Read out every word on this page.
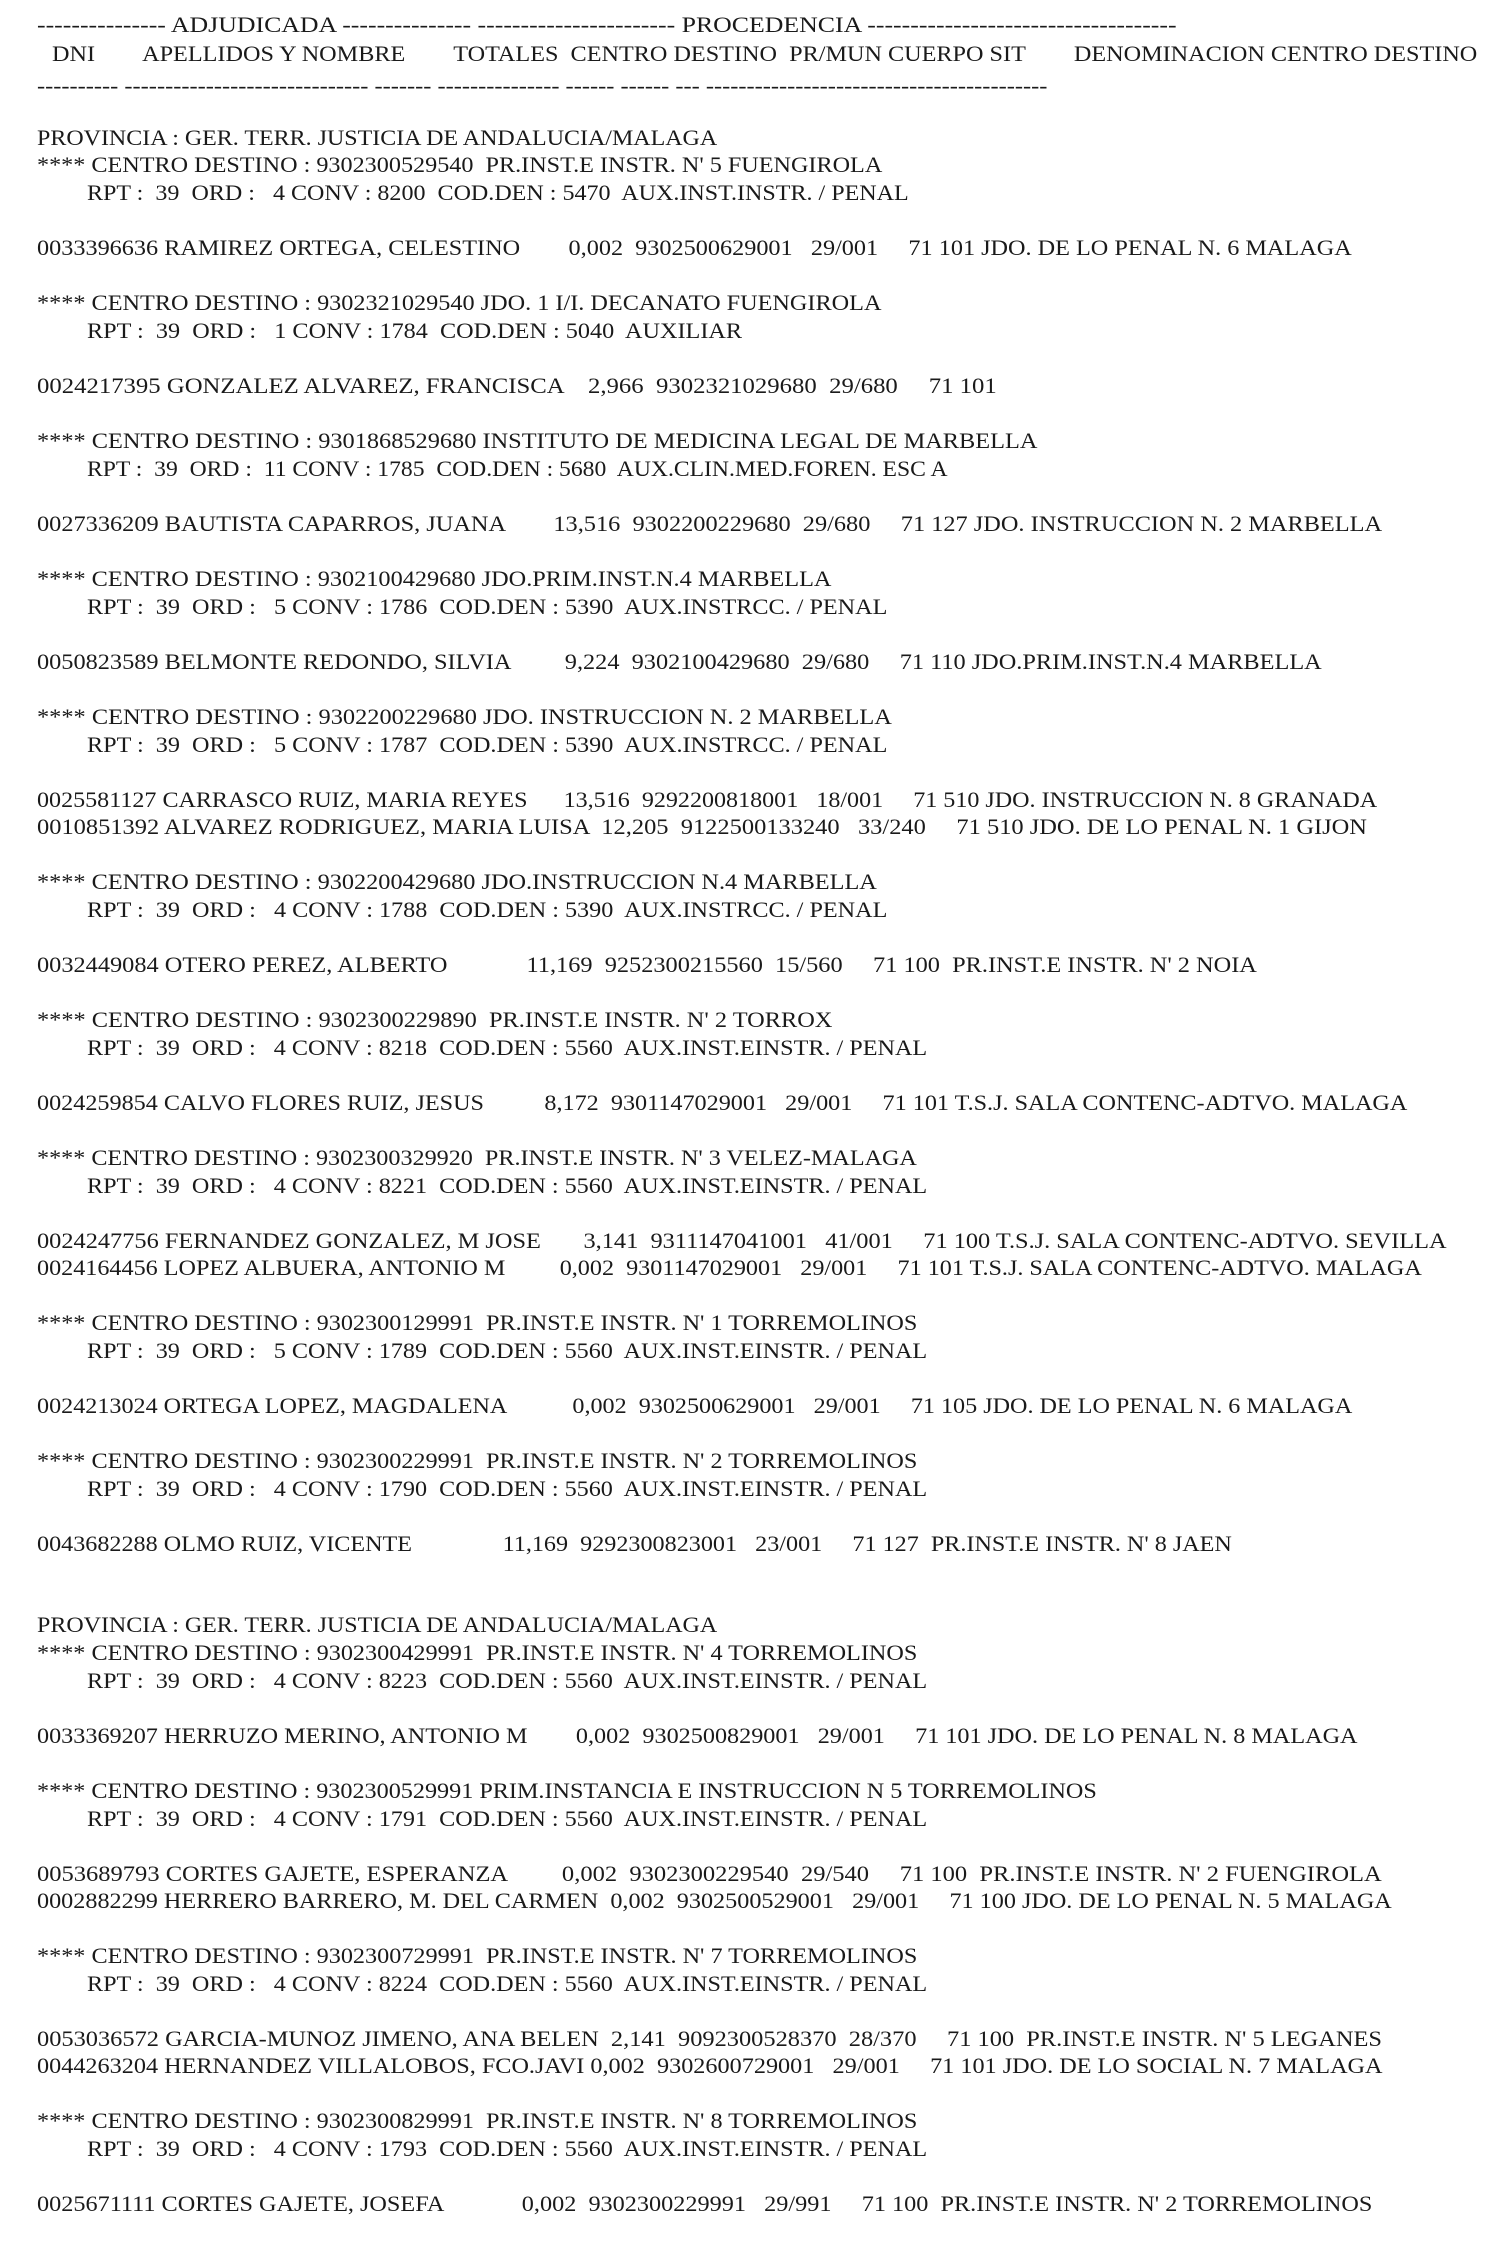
--------------- ADJUDICADA --------------- ----------------------- PROCEDENCIA ------------------------------------
DNI        APELLIDOS Y NOMBRE        TOTALES  CENTRO DESTINO  PR/MUN CUERPO SIT        DENOMINACION CENTRO DESTINO
---------- ------------------------------ ------- --------------- ------ ------ --- ------------------------------------------
PROVINCIA : GER. TERR. JUSTICIA DE ANDALUCIA/MALAGA
**** CENTRO DESTINO : 9302300529540  PR.INST.E INSTR. N' 5 FUENGIROLA
RPT :  39  ORD :   4 CONV : 8200  COD.DEN : 5470  AUX.INST.INSTR. / PENAL
0033396636 RAMIREZ ORTEGA, CELESTINO        0,002  9302500629001   29/001     71 101 JDO. DE LO PENAL N. 6 MALAGA
**** CENTRO DESTINO : 9302321029540 JDO. 1 I/I. DECANATO FUENGIROLA
RPT :  39  ORD :   1 CONV : 1784  COD.DEN : 5040  AUXILIAR
0024217395 GONZALEZ ALVAREZ, FRANCISCA    2,966  9302321029680  29/680     71 101
**** CENTRO DESTINO : 9301868529680 INSTITUTO DE MEDICINA LEGAL DE MARBELLA
RPT :  39  ORD :  11 CONV : 1785  COD.DEN : 5680  AUX.CLIN.MED.FOREN. ESC A
0027336209 BAUTISTA CAPARROS, JUANA        13,516  9302200229680  29/680     71 127 JDO. INSTRUCCION N. 2 MARBELLA
**** CENTRO DESTINO : 9302100429680 JDO.PRIM.INST.N.4 MARBELLA
RPT :  39  ORD :   5 CONV : 1786  COD.DEN : 5390  AUX.INSTRCC. / PENAL
0050823589 BELMONTE REDONDO, SILVIA         9,224  9302100429680  29/680     71 110 JDO.PRIM.INST.N.4 MARBELLA
**** CENTRO DESTINO : 9302200229680 JDO. INSTRUCCION N. 2 MARBELLA
RPT :  39  ORD :   5 CONV : 1787  COD.DEN : 5390  AUX.INSTRCC. / PENAL
0025581127 CARRASCO RUIZ, MARIA REYES      13,516  9292200818001   18/001     71 510 JDO. INSTRUCCION N. 8 GRANADA
0010851392 ALVAREZ RODRIGUEZ, MARIA LUISA  12,205  9122500133240   33/240     71 510 JDO. DE LO PENAL N. 1 GIJON
**** CENTRO DESTINO : 9302200429680 JDO.INSTRUCCION N.4 MARBELLA
RPT :  39  ORD :   4 CONV : 1788  COD.DEN : 5390  AUX.INSTRCC. / PENAL
0032449084 OTERO PEREZ, ALBERTO             11,169  9252300215560  15/560     71 100  PR.INST.E INSTR. N' 2 NOIA
**** CENTRO DESTINO : 9302300229890  PR.INST.E INSTR. N' 2 TORROX
RPT :  39  ORD :   4 CONV : 8218  COD.DEN : 5560  AUX.INST.EINSTR. / PENAL
0024259854 CALVO FLORES RUIZ, JESUS          8,172  9301147029001   29/001     71 101 T.S.J. SALA CONTENC-ADTVO. MALAGA
**** CENTRO DESTINO : 9302300329920  PR.INST.E INSTR. N' 3 VELEZ-MALAGA
RPT :  39  ORD :   4 CONV : 8221  COD.DEN : 5560  AUX.INST.EINSTR. / PENAL
0024247756 FERNANDEZ GONZALEZ, M JOSE       3,141  9311147041001   41/001     71 100 T.S.J. SALA CONTENC-ADTVO. SEVILLA
0024164456 LOPEZ ALBUERA, ANTONIO M         0,002  9301147029001   29/001     71 101 T.S.J. SALA CONTENC-ADTVO. MALAGA
**** CENTRO DESTINO : 9302300129991  PR.INST.E INSTR. N' 1 TORREMOLINOS
RPT :  39  ORD :   5 CONV : 1789  COD.DEN : 5560  AUX.INST.EINSTR. / PENAL
0024213024 ORTEGA LOPEZ, MAGDALENA           0,002  9302500629001   29/001     71 105 JDO. DE LO PENAL N. 6 MALAGA
**** CENTRO DESTINO : 9302300229991  PR.INST.E INSTR. N' 2 TORREMOLINOS
RPT :  39  ORD :   4 CONV : 1790  COD.DEN : 5560  AUX.INST.EINSTR. / PENAL
0043682288 OLMO RUIZ, VICENTE               11,169  9292300823001   23/001     71 127  PR.INST.E INSTR. N' 8 JAEN
PROVINCIA : GER. TERR. JUSTICIA DE ANDALUCIA/MALAGA
**** CENTRO DESTINO : 9302300429991  PR.INST.E INSTR. N' 4 TORREMOLINOS
RPT :  39  ORD :   4 CONV : 8223  COD.DEN : 5560  AUX.INST.EINSTR. / PENAL
0033369207 HERRUZO MERINO, ANTONIO M        0,002  9302500829001   29/001     71 101 JDO. DE LO PENAL N. 8 MALAGA
**** CENTRO DESTINO : 9302300529991 PRIM.INSTANCIA E INSTRUCCION N 5 TORREMOLINOS
RPT :  39  ORD :   4 CONV : 1791  COD.DEN : 5560  AUX.INST.EINSTR. / PENAL
0053689793 CORTES GAJETE, ESPERANZA         0,002  9302300229540  29/540     71 100  PR.INST.E INSTR. N' 2 FUENGIROLA
0002882299 HERRERO BARRERO, M. DEL CARMEN  0,002  9302500529001   29/001     71 100 JDO. DE LO PENAL N. 5 MALAGA
**** CENTRO DESTINO : 9302300729991  PR.INST.E INSTR. N' 7 TORREMOLINOS
RPT :  39  ORD :   4 CONV : 8224  COD.DEN : 5560  AUX.INST.EINSTR. / PENAL
0053036572 GARCIA-MUNOZ JIMENO, ANA BELEN  2,141  9092300528370  28/370     71 100  PR.INST.E INSTR. N' 5 LEGANES
0044263204 HERNANDEZ VILLALOBOS, FCO.JAVI 0,002  9302600729001   29/001     71 101 JDO. DE LO SOCIAL N. 7 MALAGA
**** CENTRO DESTINO : 9302300829991  PR.INST.E INSTR. N' 8 TORREMOLINOS
RPT :  39  ORD :   4 CONV : 1793  COD.DEN : 5560  AUX.INST.EINSTR. / PENAL
0025671111 CORTES GAJETE, JOSEFA             0,002  9302300229991   29/991     71 100  PR.INST.E INSTR. N' 2 TORREMOLINOS
